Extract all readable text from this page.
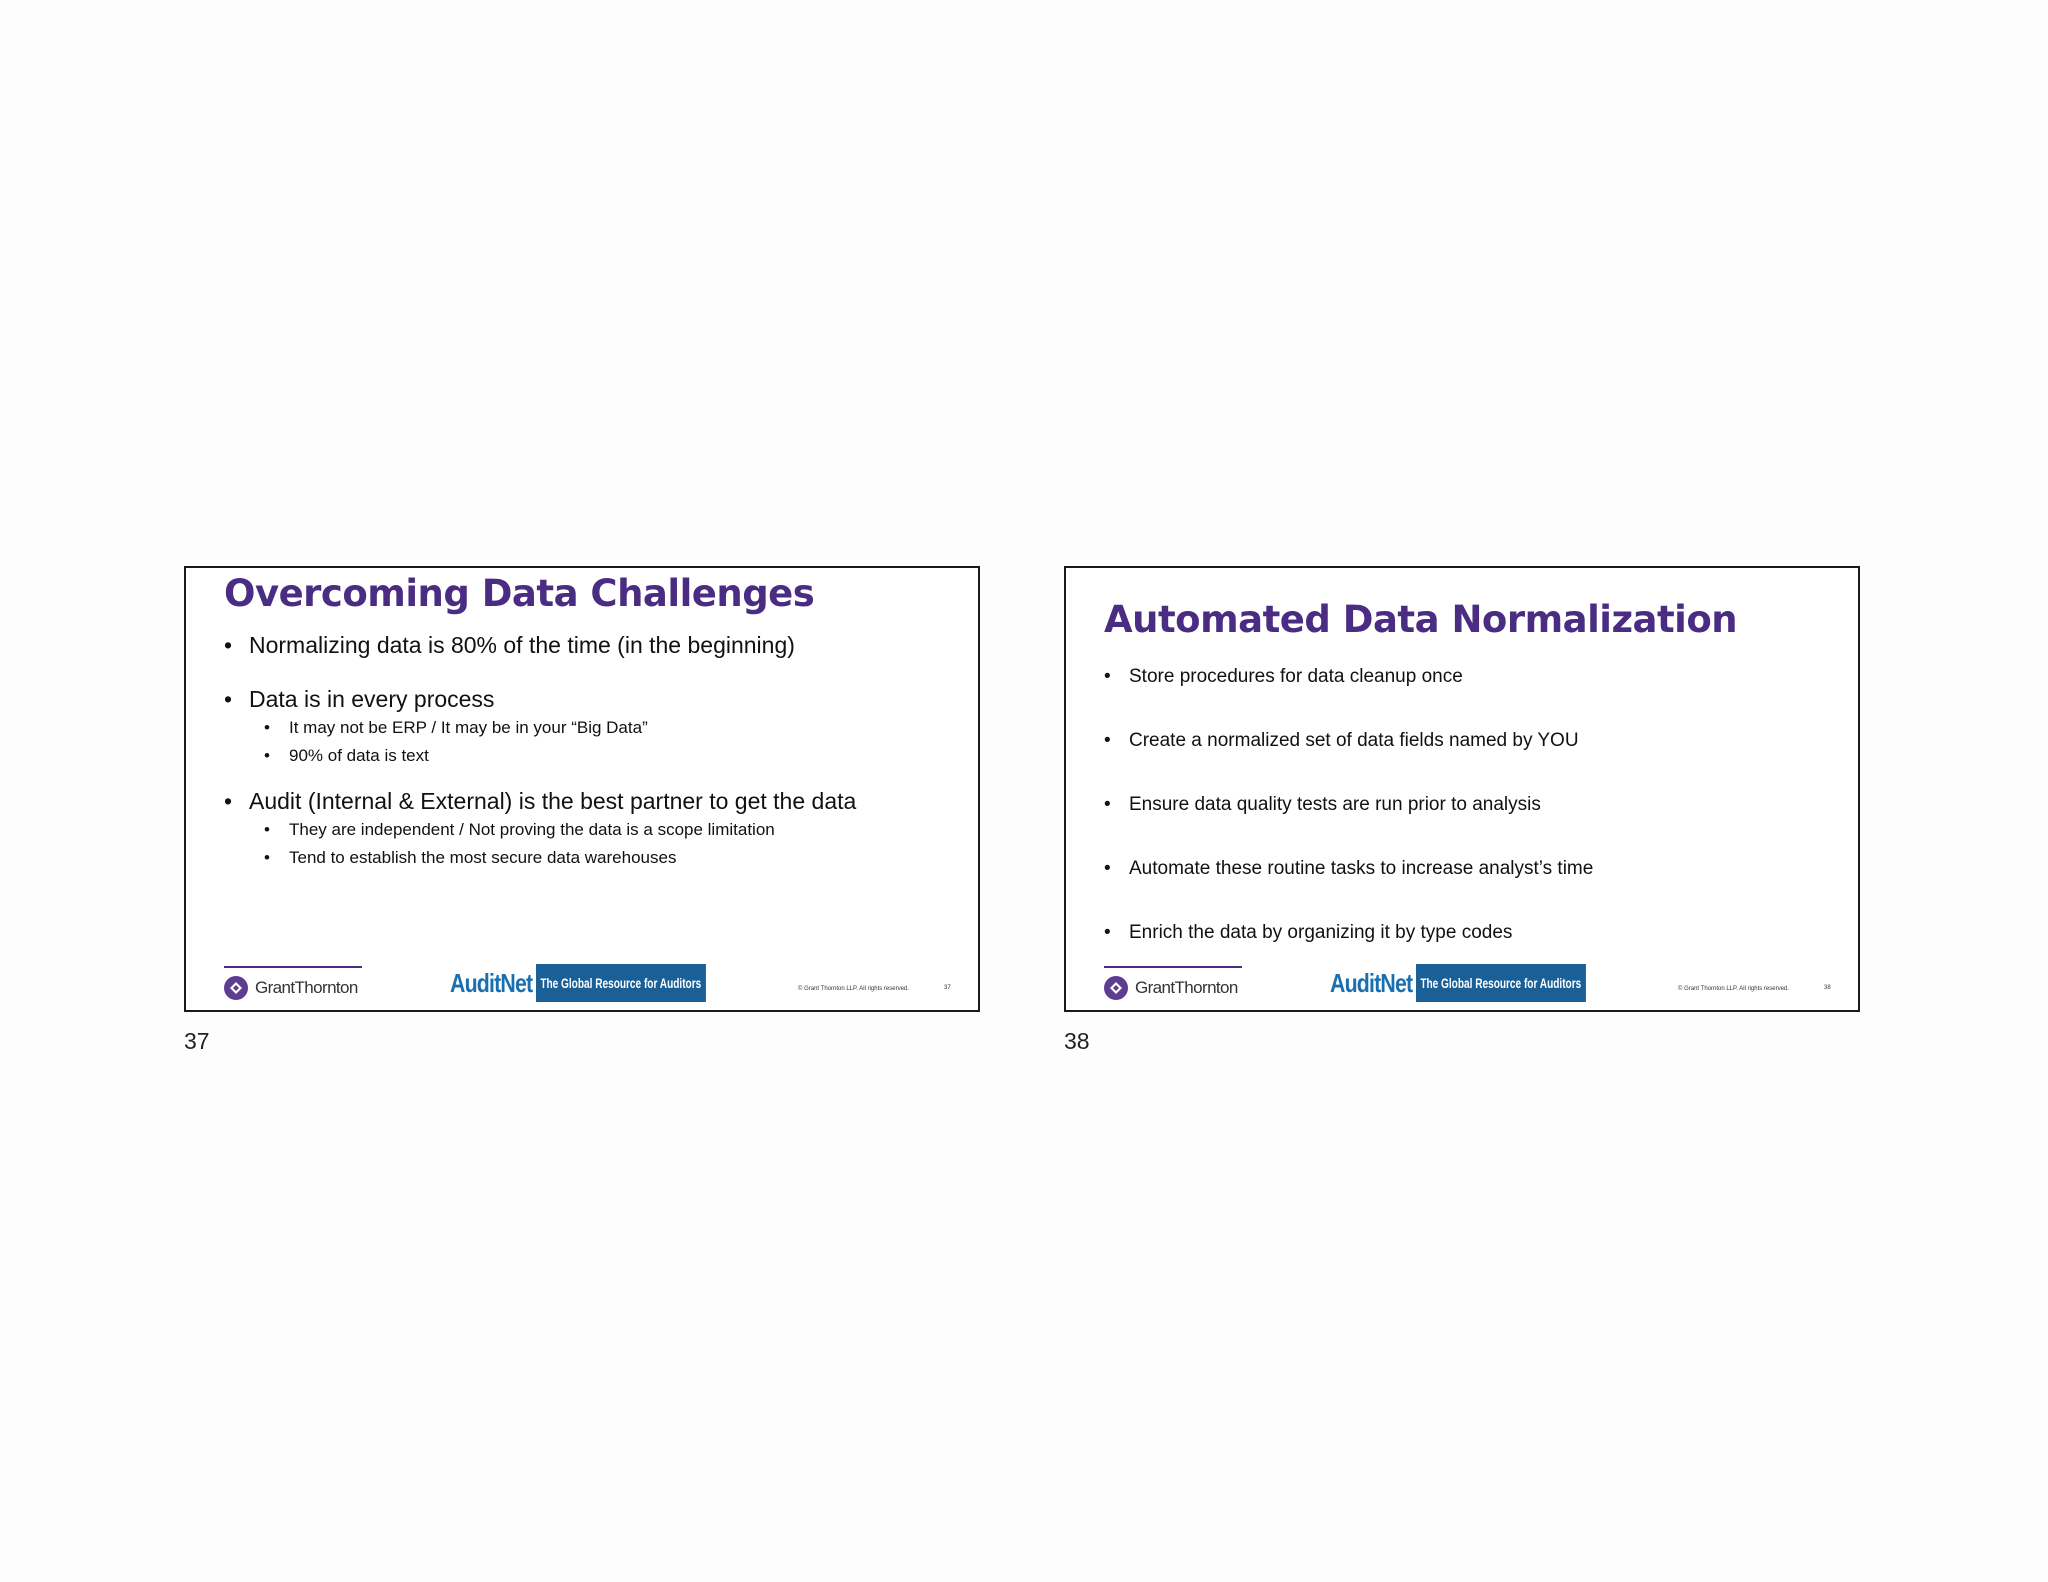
Overcoming Data Challenges
• Normalizing data is 80% of the time (in the beginning)
• Data is in every process
• It may not be ERP / It may be in your “Big Data”
• 90% of data is text
• Audit (Internal & External) is the best partner to get the data
• They are independent / Not proving the data is a scope limitation
• Tend to establish the most secure data warehouses
GrantThornton	AuditNet The Global Resource for Auditors	© Grant Thornton LLP. All rights reserved.	37
37
Automated Data Normalization
• Store procedures for data cleanup once
• Create a normalized set of data fields named by YOU
• Ensure data quality tests are run prior to analysis
• Automate these routine tasks to increase analyst’s time
• Enrich the data by organizing it by type codes
GrantThornton	AuditNet The Global Resource for Auditors	© Grant Thornton LLP. All rights reserved.	38
38
